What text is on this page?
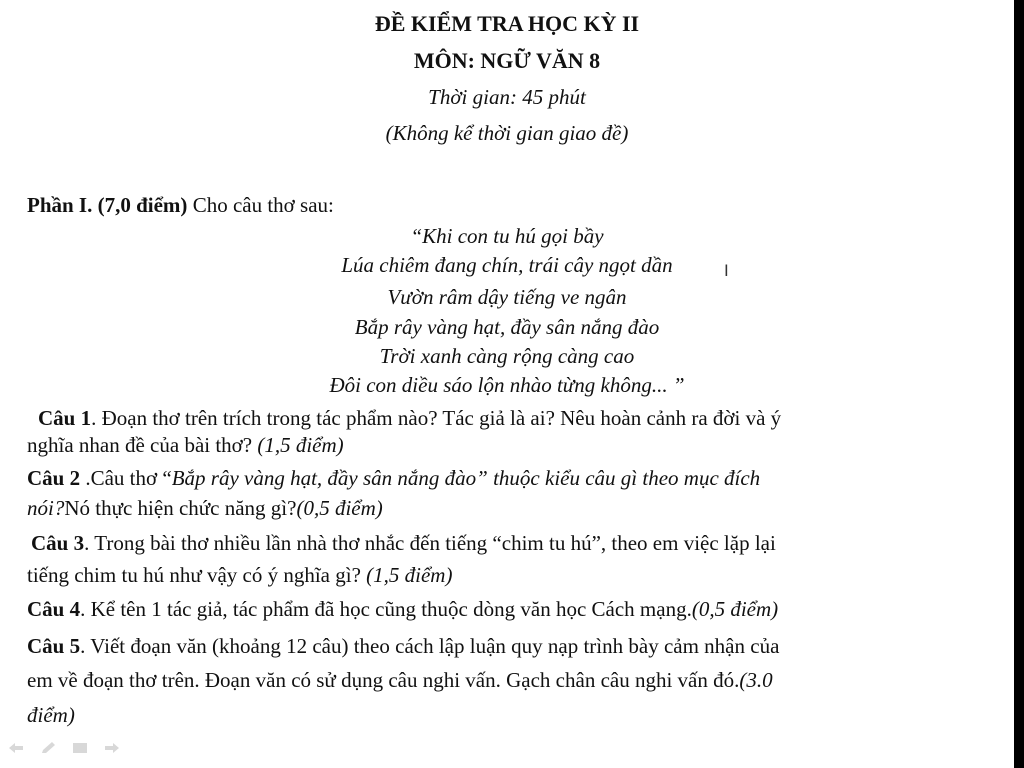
ĐỀ KIỂM TRA HỌC KỲ II
MÔN: NGỮ VĂN 8
Thời gian: 45 phút
(Không kể thời gian giao đề)
Phần I. (7,0 điểm) Cho câu thơ sau:
“Khi con tu hú gọi bầy
Lúa chiêm đang chín, trái cây ngọt dần
Vườn râm dậy tiếng ve ngân
Bắp rây vàng hạt, đầy sân nắng đào
Trời xanh càng rộng càng cao
Đôi con diều sáo lộn nhào từng không... ”
Câu 1. Đoạn thơ trên trích trong tác phẩm nào? Tác giả là ai? Nêu hoàn cảnh ra đời và ý
nghĩa nhan đề của bài thơ? (1,5 điểm)
Câu 2 .Câu thơ “Bắp rây vàng hạt, đầy sân nắng đào” thuộc kiểu câu gì theo mục đích
nói?Nó thực hiện chức năng gì?(0,5 điểm)
Câu 3. Trong bài thơ nhiều lần nhà thơ nhắc đến tiếng “chim tu hú”, theo em việc lặp lại
tiếng chim tu hú như vậy có ý nghĩa gì? (1,5 điểm)
Câu 4. Kể tên 1 tác giả, tác phẩm đã học cũng thuộc dòng văn học Cách mạng.(0,5 điểm)
Câu 5. Viết đoạn văn (khoảng 12 câu) theo cách lập luận quy nạp trình bày cảm nhận của
em về đoạn thơ trên. Đoạn văn có sử dụng câu nghi vấn. Gạch chân câu nghi vấn đó.(3.0
điểm)
I
